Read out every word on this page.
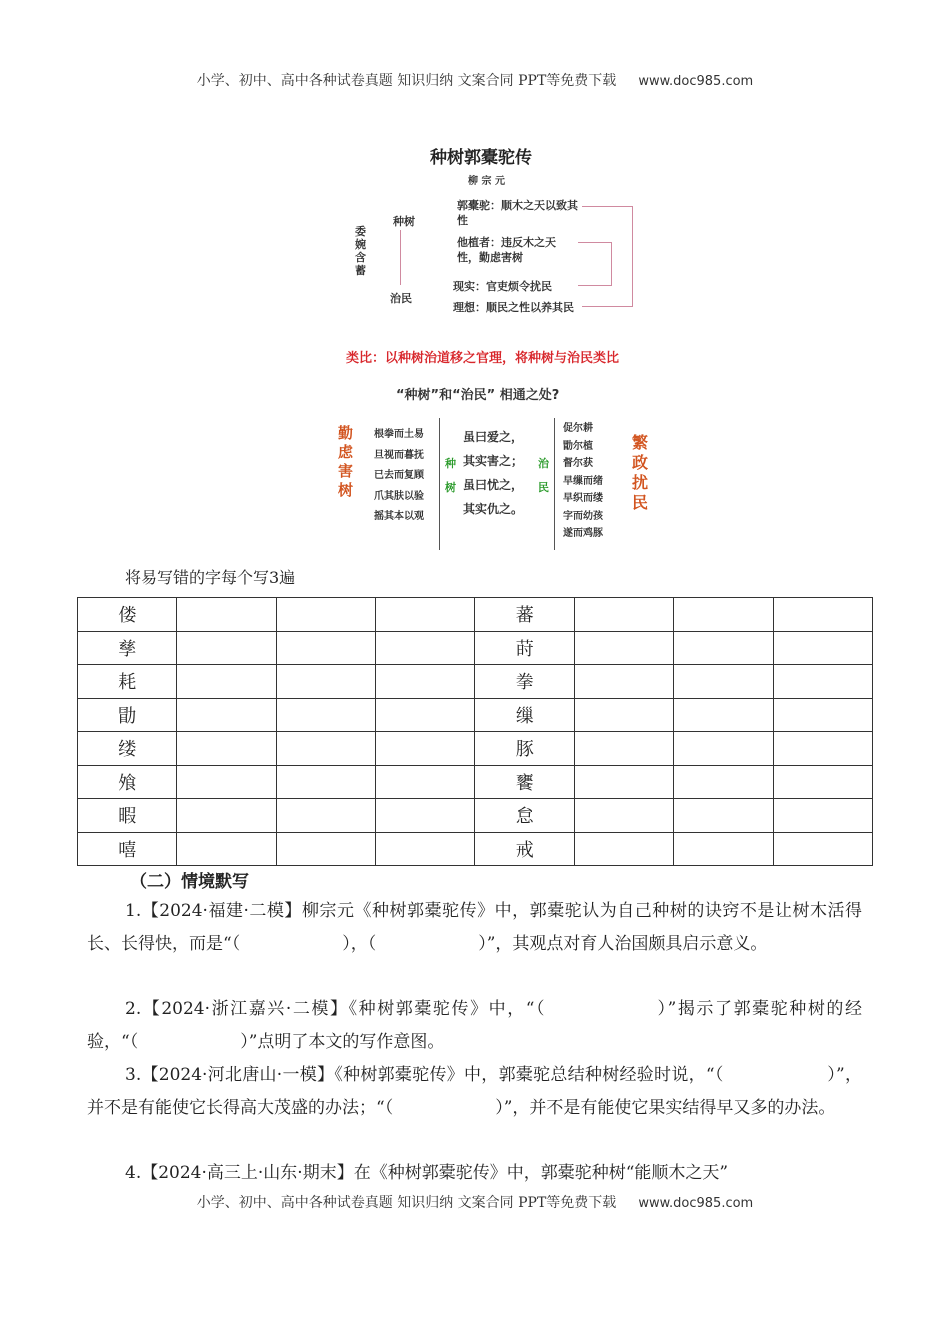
小学、初中、高中各种试卷真题 知识归纳 文案合同 PPT等免费下载 www.doc985.com
种树郭橐驼传
柳 宗 元
委婉含蓄
种树
治民
郭橐驼：顺木之天以致其性
他植者：违反木之天性，勤虑害树
现实：官吏烦令扰民
理想：顺民之性以养其民
类比：以种树治道移之官理，将种树与治民类比
“种树”和“治民” 相通之处?
勤虑害树
根拳而土易
旦视而暮抚
已去而复顾
爪其肤以验
摇其本以观
种树
虽曰爱之，
其实害之；
虽曰忧之，
其实仇之。
治民
促尔耕
勖尔植
督尔获
早缫而绪
早织而缕
字而幼孩
遂而鸡豚
繁政扰民
将易写错的字每个写3遍
偻				蕃			
孳				莳			
耗				拳			
勖				缫			
缕				豚			
飧				饔			
暇				怠			
嘻				戒			
（二）情境默写
1.【2024·福建·二模】柳宗元《种树郭橐驼传》中，郭橐驼认为自己种树的诀窍不是让树木活得长、长得快，而是“（　　　　　　），（　　　　　　）”，其观点对育人治国颇具启示意义。
2.【2024·浙江嘉兴·二模】《种树郭橐驼传》中，“（　　　　　　）”揭示了郭橐驼种树的经验，“（　　　　　　）”点明了本文的写作意图。
3.【2024·河北唐山·一模】《种树郭橐驼传》中，郭橐驼总结种树经验时说，“（　　　　　　）”，并不是有能使它长得高大茂盛的办法；“（　　　　　　）”，并不是有能使它果实结得早又多的办法。
4.【2024·高三上·山东·期末】在《种树郭橐驼传》中，郭橐驼种树“能顺木之天”
小学、初中、高中各种试卷真题 知识归纳 文案合同 PPT等免费下载 www.doc985.com
